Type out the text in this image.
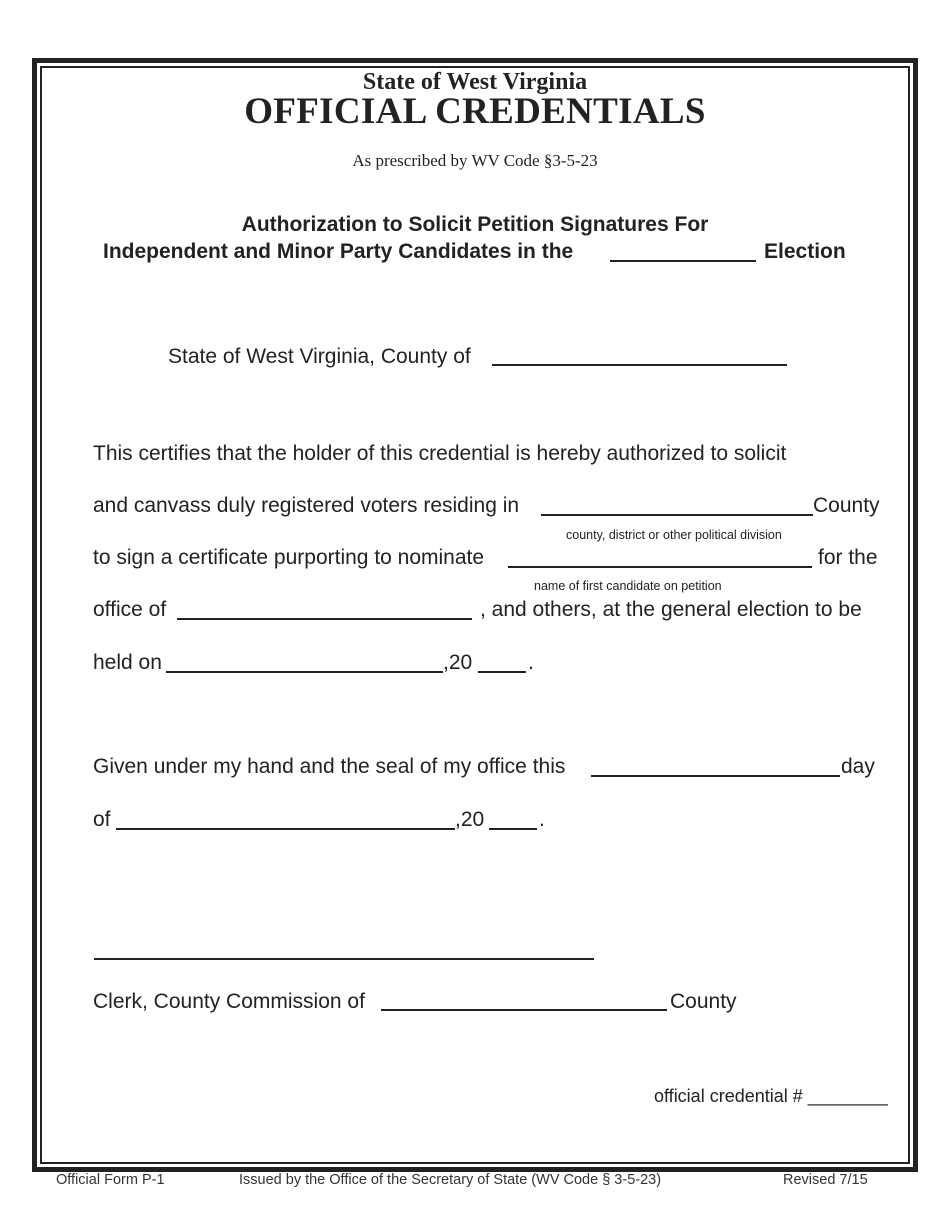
State of West Virginia
OFFICIAL CREDENTIALS
As prescribed by WV Code §3-5-23
Authorization to Solicit Petition Signatures For
Independent and Minor Party Candidates in the	Election
State of West Virginia, County of
This certifies that the holder of this credential is hereby authorized to solicit
and canvass duly registered voters residing in	County
county, district or other political division
to sign a certificate purporting to nominate	for the
name of first candidate on petition
office of	, and others, at the general election to be
held on	,20	.
Given under my hand and the seal of my office this	day
of	,20	.
Clerk, County Commission of	County
official credential # ________
Official Form P-1	Issued by the Office of the Secretary of State (WV Code § 3-5-23)	Revised 7/15
